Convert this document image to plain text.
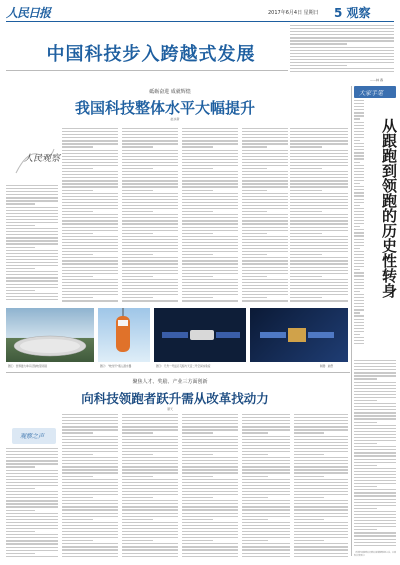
人民日报	2017年6月4日 星期日 5 观察
——林 春
中国科技步入跨越式发展
砥砺奋进 成就辉煌
我国科技整体水平大幅提升
赵永新
人民观察
图①：世界最大单口径射电望远镜	图②：“蛟龙号”载人潜水器	图③：天舟一号货运飞船与天宫二号空间实验室	制图：赵偲
聚焦人才、奖励、产业三方面创新
向科技领跑者跃升需从改革找动力
谭天
观察之声
大家手笔
从跟跑到领跑的历史性转身
（作者为国家科技部科技政策研究室主任，中国科技部部长）
